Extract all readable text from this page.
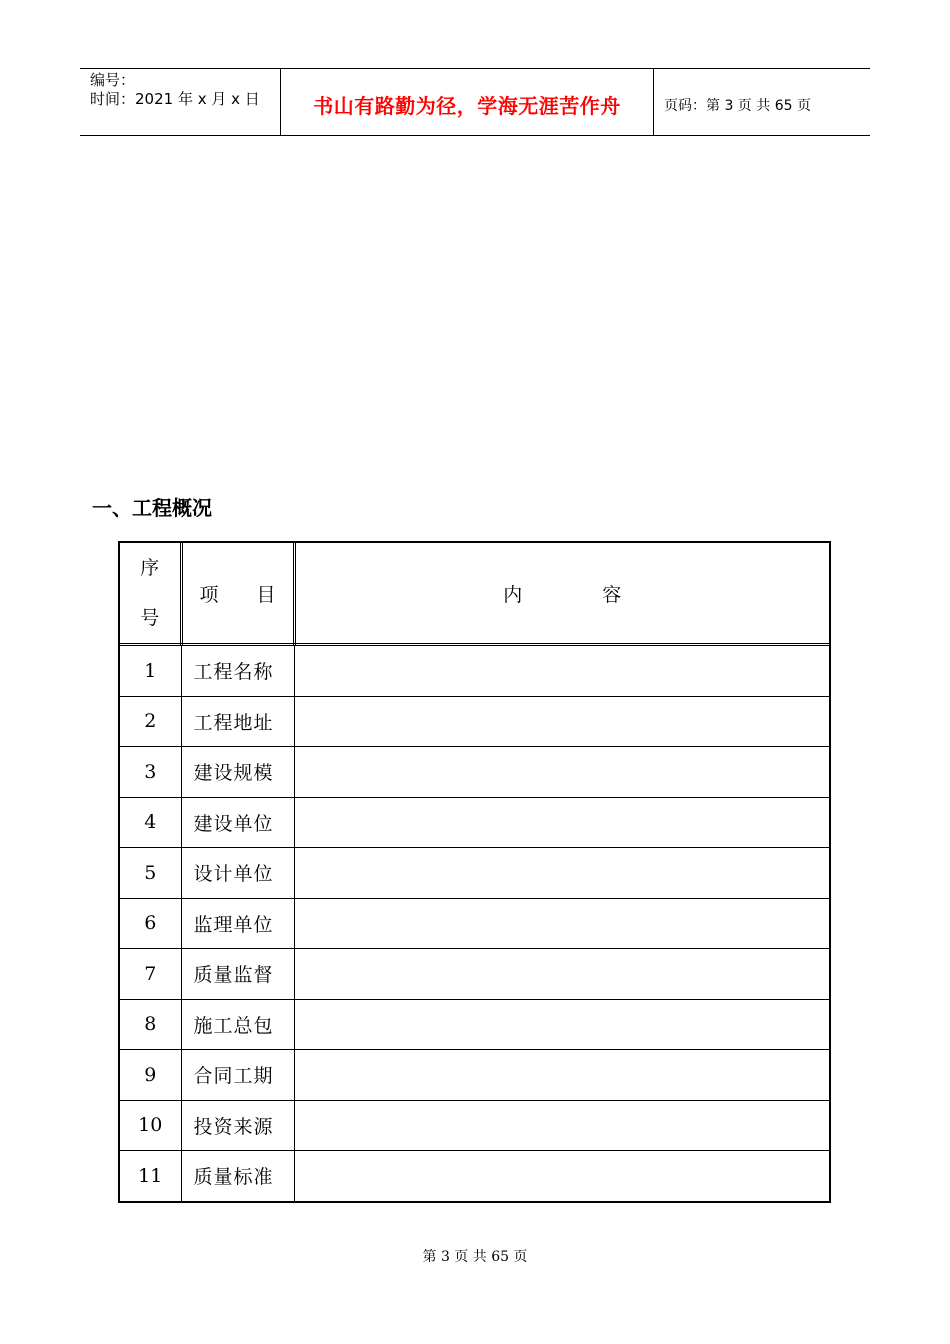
编号：
时间：2021 年 x 月 x 日	书山有路勤为径，学海无涯苦作舟	页码：第 3 页 共 65 页
一、工程概况
序
号	项 目	内 容
1	工程名称	
2	工程地址	
3	建设规模	
4	建设单位	
5	设计单位	
6	监理单位	
7	质量监督	
8	施工总包	
9	合同工期	
10	投资来源	
11	质量标准	
第 3 页 共 65 页
